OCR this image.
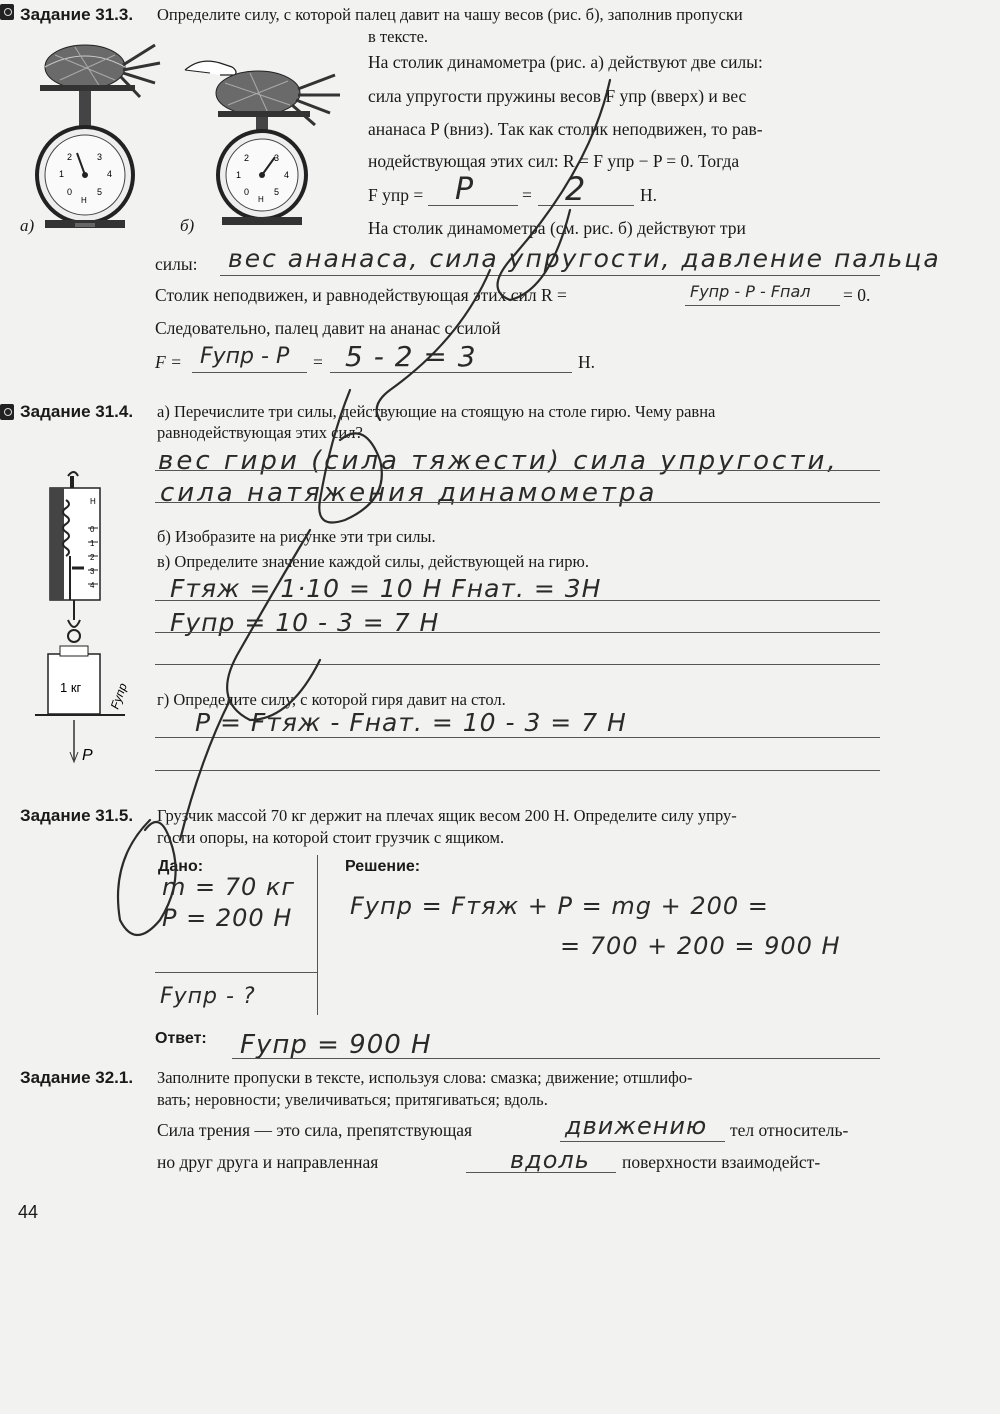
Задание 31.3. Определите силу, с которой палец давит на чашу весов (рис. б), заполнив пропуски
в тексте.
2	3
1	4
0	5
Н
а)
2	3
1	4
0	5
Н
б)
На столик динамометра (рис. а) действуют две силы:
сила упругости пружины весов F упр (вверх) и вес
ананаса P (вниз). Так как столик неподвижен, то рав-
нодействующая этих сил: R = F упр − P = 0. Тогда
F упр = P	= 2	Н.
На столик динамометра (см. рис. б) действуют три
силы: вес ананаса, сила упругости, давление пальца
Столик неподвижен, и равнодействующая этих сил R =	Fупр - P - Fпал = 0.
Следовательно, палец давит на ананас с силой
F = Fупр - P = 5 - 2 = 3	Н.
Задание 31.4. а) Перечислите три силы, действующие на стоящую на столе гирю. Чему равна
равнодействующая этих сил?
вес гири (сила тяжести) сила упругости,
сила натяжения динамометра
б) Изобразите на рисунке эти три силы.
в) Определите значение каждой силы, действующей на гирю.
Fтяж = 1·10 = 10 Н Fнат. = 3Н
Fупр = 10 - 3 = 7 Н
г) Определите силу, с которой гиря давит на стол.
P = Fтяж - Fнат. = 10 - 3 = 7 Н
Н
0
1
2
3
4
1 кг
P
Fупр
Задание 31.5. Грузчик массой 70 кг держит на плечах ящик весом 200 Н. Определите силу упру-
гости опоры, на которой стоит грузчик с ящиком.
Дано:	Решение:
m = 70 кг
P = 200 Н
Fупр - ?
Fупр = Fтяж + P = mg + 200 =
= 700 + 200 = 900 Н
Ответ: Fупр = 900 Н
Задание 32.1. Заполните пропуски в тексте, используя слова: смазка; движение; отшлифо-
вать; неровности; увеличиваться; притягиваться; вдоль.
Сила трения — это сила, препятствующая	движению тел относитель-
но друг друга и направленная	вдоль поверхности взаимодейст-
44
Отлично
